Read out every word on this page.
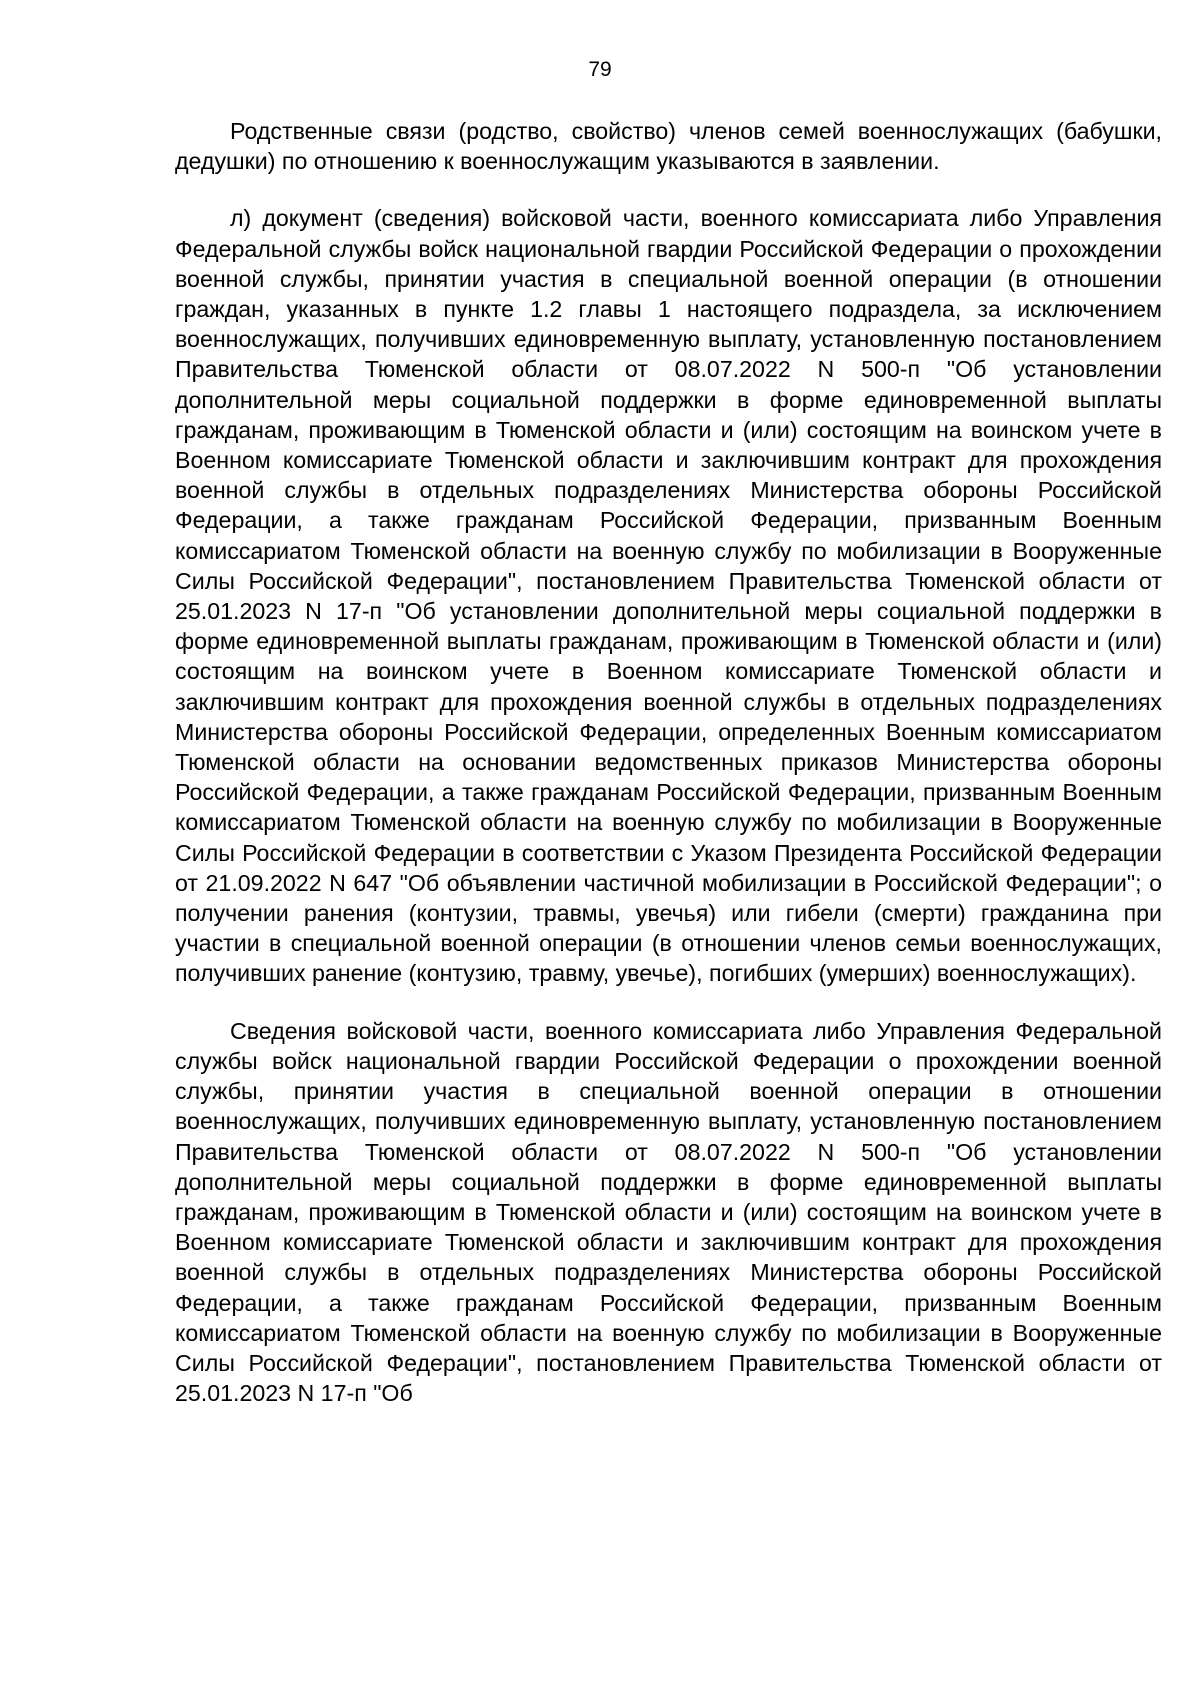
79

Родственные связи (родство, свойство) членов семей военнослужащих (бабушки, дедушки) по отношению к военнослужащим указываются в заявлении.

л) документ (сведения) войсковой части, военного комиссариата либо Управления Федеральной службы войск национальной гвардии Российской Федерации о прохождении военной службы, принятии участия в специальной военной операции (в отношении граждан, указанных в пункте 1.2 главы 1 настоящего подраздела, за исключением военнослужащих, получивших единовременную выплату, установленную постановлением Правительства Тюменской области от 08.07.2022 N 500-п "Об установлении дополнительной меры социальной поддержки в форме единовременной выплаты гражданам, проживающим в Тюменской области и (или) состоящим на воинском учете в Военном комиссариате Тюменской области и заключившим контракт для прохождения военной службы в отдельных подразделениях Министерства обороны Российской Федерации, а также гражданам Российской Федерации, призванным Военным комиссариатом Тюменской области на военную службу по мобилизации в Вооруженные Силы Российской Федерации", постановлением Правительства Тюменской области от 25.01.2023 N 17-п "Об установлении дополнительной меры социальной поддержки в форме единовременной выплаты гражданам, проживающим в Тюменской области и (или) состоящим на воинском учете в Военном комиссариате Тюменской области и заключившим контракт для прохождения военной службы в отдельных подразделениях Министерства обороны Российской Федерации, определенных Военным комиссариатом Тюменской области на основании ведомственных приказов Министерства обороны Российской Федерации, а также гражданам Российской Федерации, призванным Военным комиссариатом Тюменской области на военную службу по мобилизации в Вооруженные Силы Российской Федерации в соответствии с Указом Президента Российской Федерации от 21.09.2022 N 647 "Об объявлении частичной мобилизации в Российской Федерации"; о получении ранения (контузии, травмы, увечья) или гибели (смерти) гражданина при участии в специальной военной операции (в отношении членов семьи военнослужащих, получивших ранение (контузию, травму, увечье), погибших (умерших) военнослужащих).

Сведения войсковой части, военного комиссариата либо Управления Федеральной службы войск национальной гвардии Российской Федерации о прохождении военной службы, принятии участия в специальной военной операции в отношении военнослужащих, получивших единовременную выплату, установленную постановлением Правительства Тюменской области от 08.07.2022 N 500-п "Об установлении дополнительной меры социальной поддержки в форме единовременной выплаты гражданам, проживающим в Тюменской области и (или) состоящим на воинском учете в Военном комиссариате Тюменской области и заключившим контракт для прохождения военной службы в отдельных подразделениях Министерства обороны Российской Федерации, а также гражданам Российской Федерации, призванным Военным комиссариатом Тюменской области на военную службу по мобилизации в Вооруженные Силы Российской Федерации", постановлением Правительства Тюменской области от 25.01.2023 N 17-п "Об
